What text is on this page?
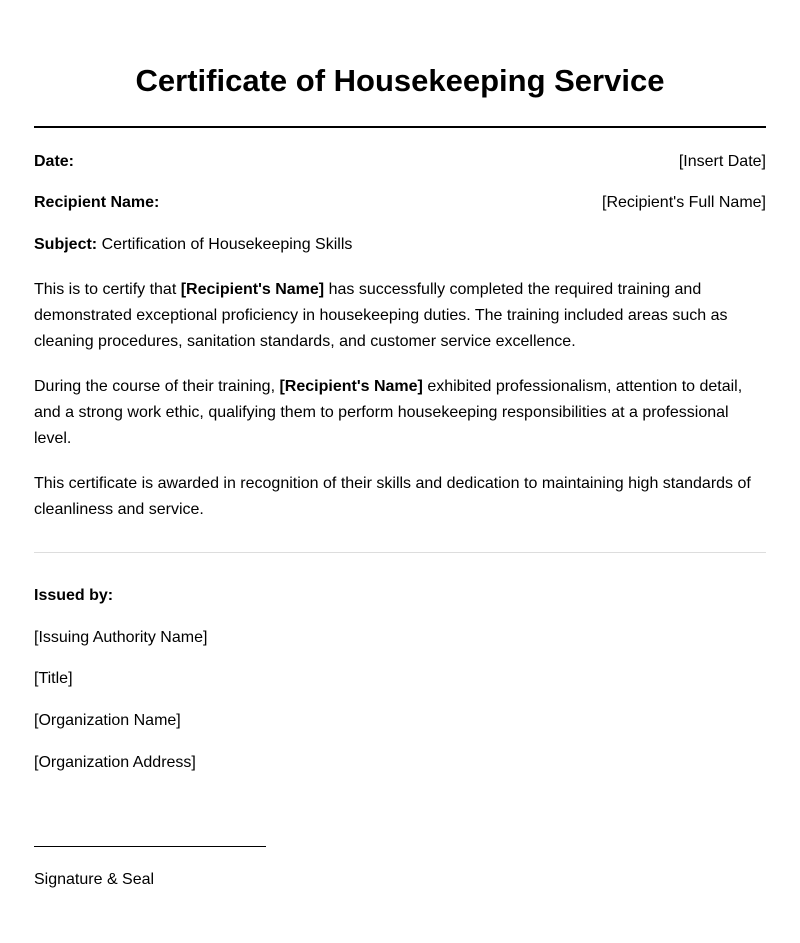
Certificate of Housekeeping Service
Date:	[Insert Date]
Recipient Name:	[Recipient's Full Name]
Subject: Certification of Housekeeping Skills

This is to certify that [Recipient's Name] has successfully completed the required training and demonstrated exceptional proficiency in housekeeping duties. The training included areas such as cleaning procedures, sanitation standards, and customer service excellence.

During the course of their training, [Recipient's Name] exhibited professionalism, attention to detail, and a strong work ethic, qualifying them to perform housekeeping responsibilities at a professional level.

This certificate is awarded in recognition of their skills and dedication to maintaining high standards of cleanliness and service.

Issued by:
[Issuing Authority Name]
[Title]
[Organization Name]
[Organization Address]
Signature & Seal
